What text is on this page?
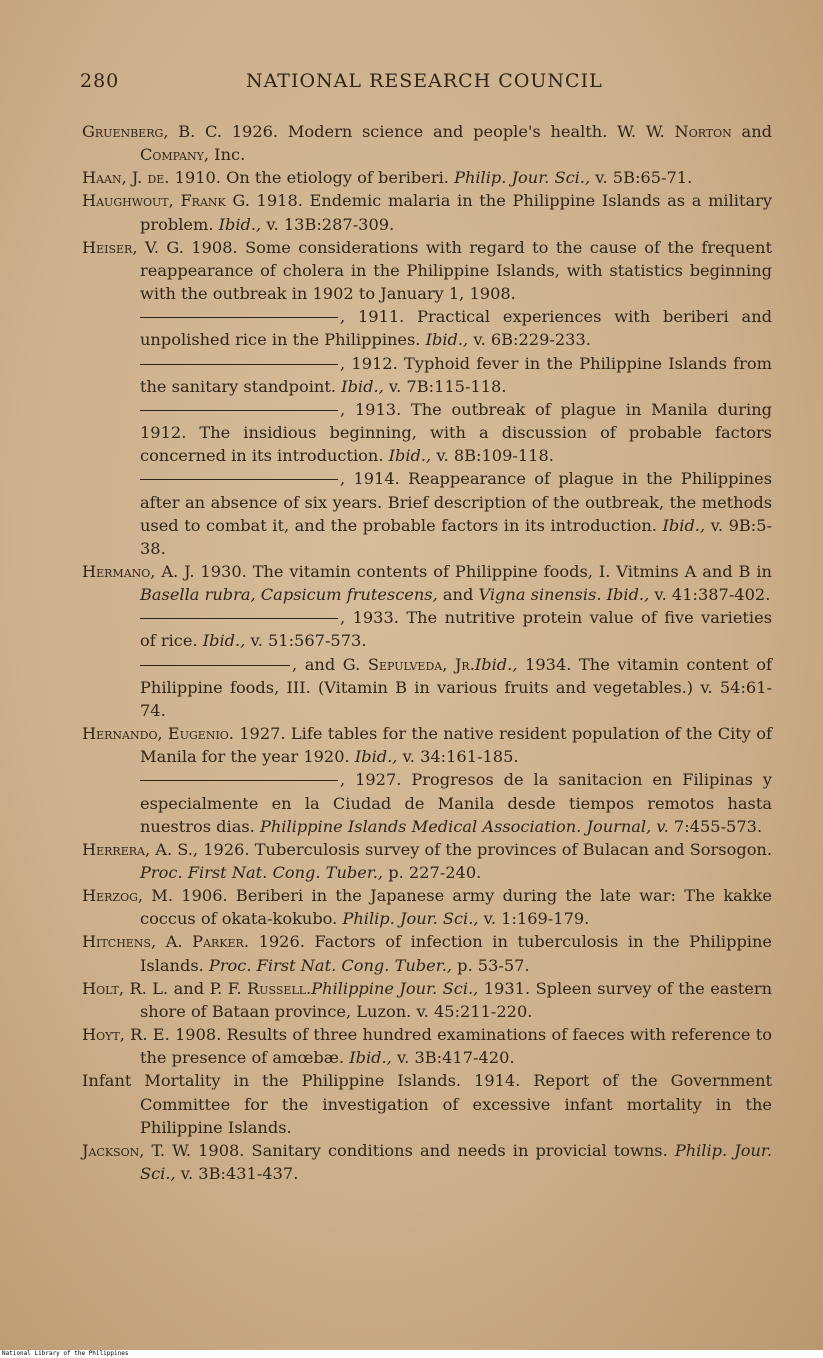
280	NATIONAL RESEARCH COUNCIL
Gruenberg, B. C. 1926. Modern science and people's health. W. W. Norton and Company, Inc.
Haan, J. de. 1910. On the etiology of beriberi. Philip. Jour. Sci., v. 5B:65-71.
Haughwout, Frank G. 1918. Endemic malaria in the Philippine Islands as a military problem. Ibid., v. 13B:287-309.
Heiser, V. G. 1908. Some considerations with regard to the cause of the frequent reappearance of cholera in the Philippine Islands, with statistics beginning with the outbreak in 1902 to January 1, 1908.
, 1911. Practical experiences with beriberi and unpolished rice in the Philippines. Ibid., v. 6B:229-233.
, 1912. Typhoid fever in the Philippine Islands from the sanitary standpoint. Ibid., v. 7B:115-118.
, 1913. The outbreak of plague in Manila during 1912. The insidious beginning, with a discussion of probable factors concerned in its introduction. Ibid., v. 8B:109-118.
, 1914. Reappearance of plague in the Philippines after an absence of six years. Brief description of the outbreak, the methods used to combat it, and the probable factors in its introduction. Ibid., v. 9B:5-38.
Hermano, A. J. 1930. The vitamin contents of Philippine foods, I. Vitmins A and B in Basella rubra, Capsicum frutescens, and Vigna sinensis. Ibid., v. 41:387-402.
, 1933. The nutritive protein value of five varieties of rice. Ibid., v. 51:567-573.
, and G. Sepulveda, Jr.Ibid., 1934. The vitamin content of Philippine foods, III. (Vitamin B in various fruits and vegetables.) v. 54:61-74.
Hernando, Eugenio. 1927. Life tables for the native resident population of the City of Manila for the year 1920. Ibid., v. 34:161-185.
, 1927. Progresos de la sanitacion en Filipinas y especialmente en la Ciudad de Manila desde tiempos remotos hasta nuestros dias. Philippine Islands Medical Association. Journal, v. 7:455-573.
Herrera, A. S., 1926. Tuberculosis survey of the provinces of Bulacan and Sorsogon. Proc. First Nat. Cong. Tuber., p. 227-240.
Herzog, M. 1906. Beriberi in the Japanese army during the late war: The kakke coccus of okata-kokubo. Philip. Jour. Sci., v. 1:169-179.
Hitchens, A. Parker. 1926. Factors of infection in tuberculosis in the Philippine Islands. Proc. First Nat. Cong. Tuber., p. 53-57.
Holt, R. L. and P. F. Russell.Philippine Jour. Sci., 1931. Spleen survey of the eastern shore of Bataan province, Luzon. v. 45:211-220.
Hoyt, R. E. 1908. Results of three hundred examinations of faeces with reference to the presence of amœbæ. Ibid., v. 3B:417-420.
Infant Mortality in the Philippine Islands. 1914. Report of the Government Committee for the investigation of excessive infant mortality in the Philippine Islands.
Jackson, T. W. 1908. Sanitary conditions and needs in provicial towns. Philip. Jour. Sci., v. 3B:431-437.
National Library of the Philippines
